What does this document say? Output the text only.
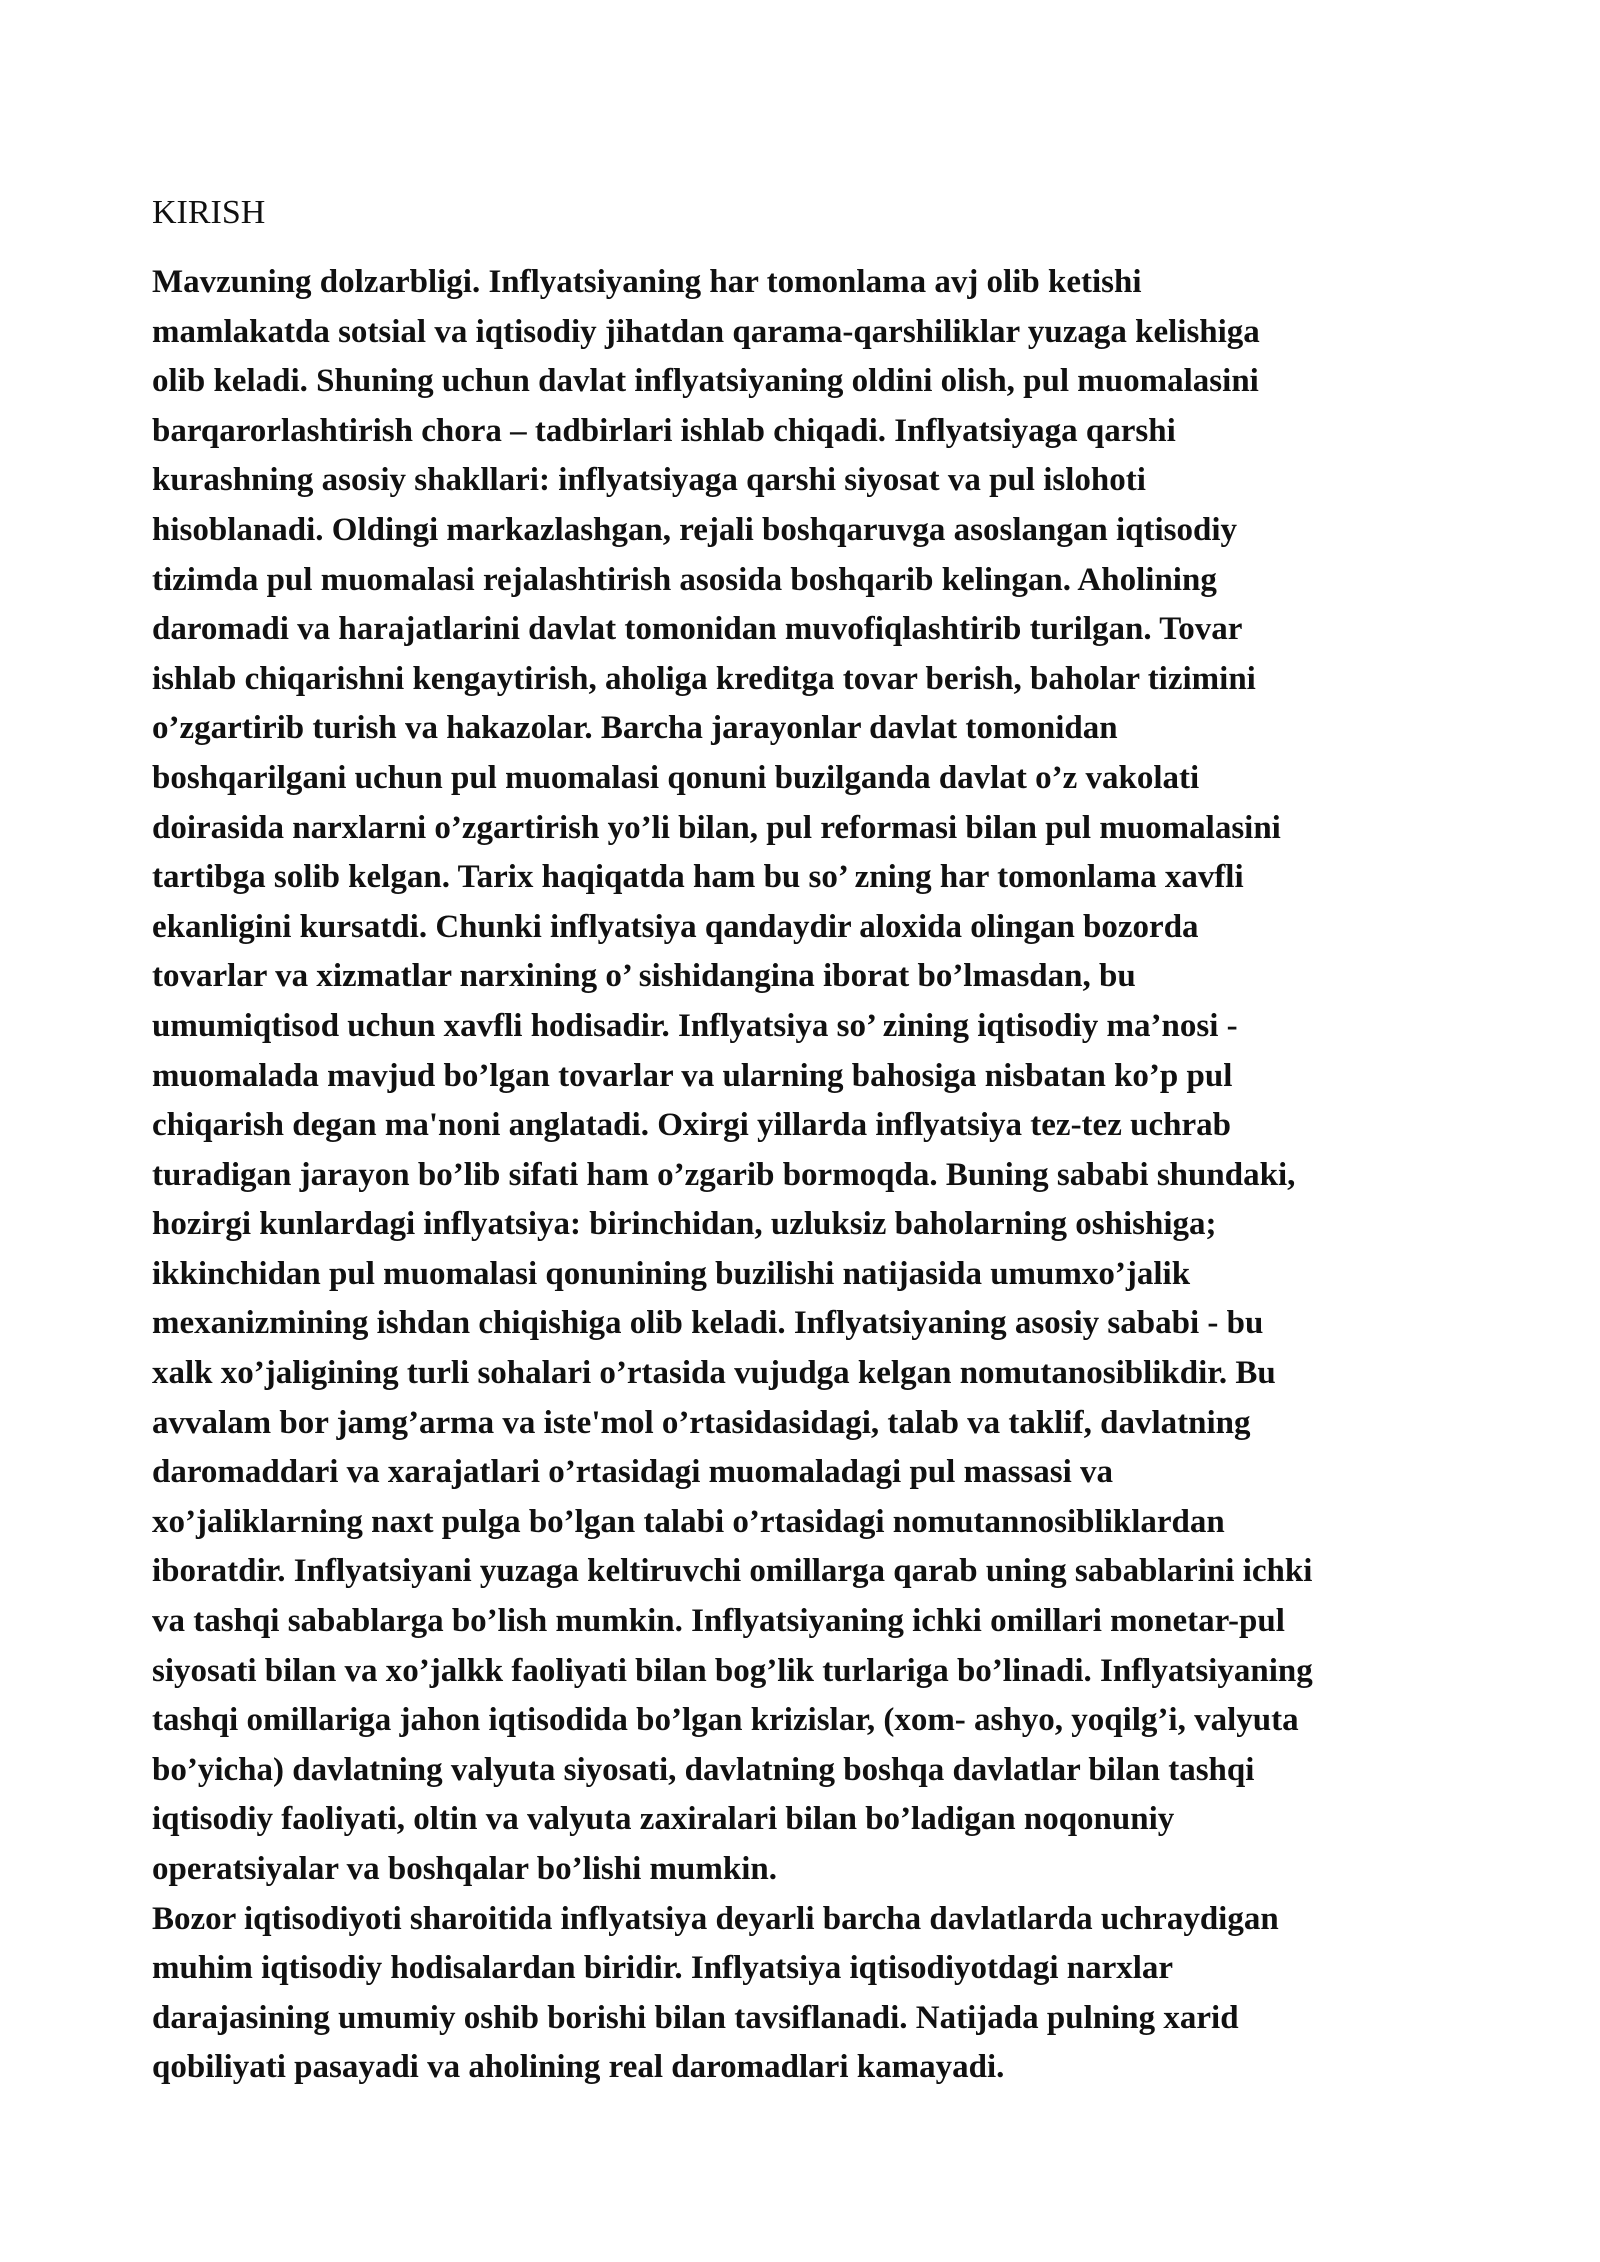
KIRISH

Mavzuning dolzarbligi. Inflyatsiyaning har tomonlama avj olib ketishi
mamlakatda sotsial va iqtisodiy jihatdan qarama-qarshiliklar yuzaga kelishiga
olib keladi. Shuning uchun davlat inflyatsiyaning oldini olish, pul muomalasini
barqarorlashtirish chora – tadbirlari ishlab chiqadi. Inflyatsiyaga qarshi
kurashning asosiy shakllari: inflyatsiyaga qarshi siyosat va pul islohoti
hisoblanadi. Oldingi markazlashgan, rejali boshqaruvga asoslangan iqtisodiy
tizimda pul muomalasi rejalashtirish asosida boshqarib kelingan. Aholining
daromadi va harajatlarini davlat tomonidan muvofiqlashtirib turilgan. Tovar
ishlab chiqarishni kengaytirish, aholiga kreditga tovar berish, baholar tizimini
o’zgartirib turish va hakazolar. Barcha jarayonlar davlat tomonidan
boshqarilgani uchun pul muomalasi qonuni buzilganda davlat o’z vakolati
doirasida narxlarni o’zgartirish yo’li bilan, pul reformasi bilan pul muomalasini
tartibga solib kelgan. Tarix haqiqatda ham bu so’ zning har tomonlama xavfli
ekanligini kursatdi. Chunki inflyatsiya qandaydir aloxida olingan bozorda
tovarlar va xizmatlar narxining o’ sishidangina iborat bo’lmasdan, bu
umumiqtisod uchun xavfli hodisadir. Inflyatsiya so’ zining iqtisodiy ma’nosi -
muomalada mavjud bo’lgan tovarlar va ularning bahosiga nisbatan ko’p pul
chiqarish degan ma'noni anglatadi. Oxirgi yillarda inflyatsiya tez-tez uchrab
turadigan jarayon bo’lib sifati ham o’zgarib bormoqda. Buning sababi shundaki,
hozirgi kunlardagi inflyatsiya: birinchidan, uzluksiz baholarning oshishiga;
ikkinchidan pul muomalasi qonunining buzilishi natijasida umumxo’jalik
mexanizmining ishdan chiqishiga olib keladi. Inflyatsiyaning asosiy sababi - bu
xalk xo’jaligining turli sohalari o’rtasida vujudga kelgan nomutanosiblikdir. Bu
avvalam bor jamg’arma va iste'mol o’rtasidasidagi, talab va taklif, davlatning
daromaddari va xarajatlari o’rtasidagi muomaladagi pul massasi va
xo’jaliklarning naxt pulga bo’lgan talabi o’rtasidagi nomutannosibliklardan
iboratdir. Inflyatsiyani yuzaga keltiruvchi omillarga qarab uning sabablarini ichki
va tashqi sabablarga bo’lish mumkin. Inflyatsiyaning ichki omillari monetar-pul
siyosati bilan va xo’jalkk faoliyati bilan bog’lik turlariga bo’linadi. Inflyatsiyaning
tashqi omillariga jahon iqtisodida bo’lgan krizislar, (xom- ashyo, yoqilg’i, valyuta
bo’yicha) davlatning valyuta siyosati, davlatning boshqa davlatlar bilan tashqi
iqtisodiy faoliyati, oltin va valyuta zaxiralari bilan bo’ladigan noqonuniy
operatsiyalar va boshqalar bo’lishi mumkin.

Bozor iqtisodiyoti sharoitida inflyatsiya deyarli barcha davlatlarda uchraydigan
muhim iqtisodiy hodisalardan biridir. Inflyatsiya iqtisodiyotdagi narxlar
darajasining umumiy oshib borishi bilan tavsiflanadi. Natijada pulning xarid
qobiliyati pasayadi va aholining real daromadlari kamayadi.
